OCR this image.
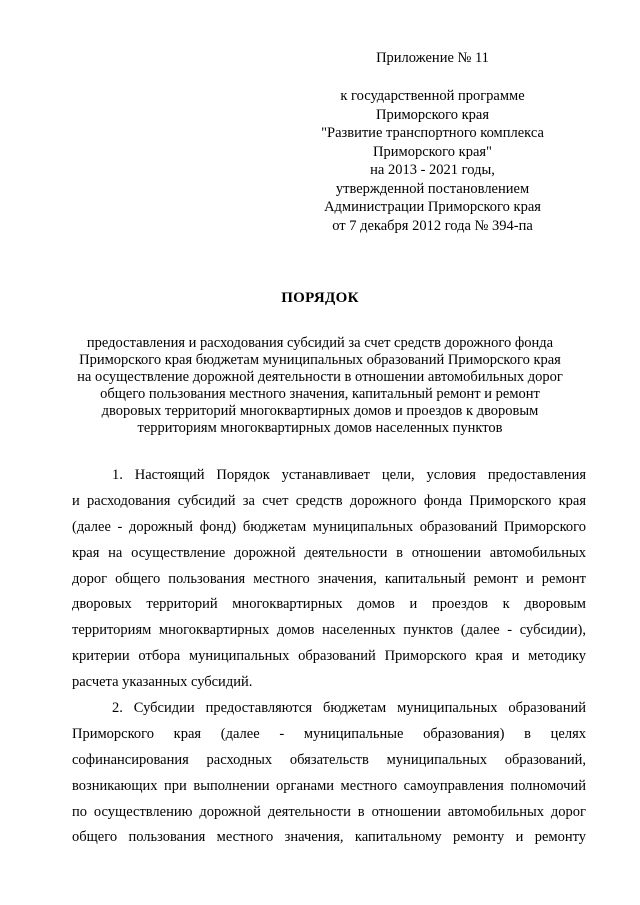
Приложение № 11
к государственной программе
Приморского края
"Развитие транспортного комплекса
Приморского края"
на 2013 - 2021 годы,
утвержденной постановлением
Администрации Приморского края
от 7 декабря 2012 года № 394-па
ПОРЯДОК
предоставления и расходования субсидий за счет средств дорожного фонда
Приморского края бюджетам муниципальных образований Приморского края
на осуществление дорожной деятельности в отношении автомобильных дорог
общего пользования местного значения, капитальный ремонт и ремонт
дворовых территорий многоквартирных домов и проездов к дворовым
территориям многоквартирных домов населенных пунктов
1. Настоящий Порядок устанавливает цели, условия предоставления
и расходования субсидий за счет средств дорожного фонда Приморского края
(далее - дорожный фонд) бюджетам муниципальных образований Приморского
края на осуществление дорожной деятельности в отношении автомобильных
дорог общего пользования местного значения, капитальный ремонт и ремонт
дворовых территорий многоквартирных домов и проездов к дворовым
территориям многоквартирных домов населенных пунктов (далее - субсидии),
критерии отбора муниципальных образований Приморского края и методику
расчета указанных субсидий.
2. Субсидии предоставляются бюджетам муниципальных образований
Приморского края (далее - муниципальные образования) в целях
софинансирования расходных обязательств муниципальных образований,
возникающих при выполнении органами местного самоуправления полномочий
по осуществлению дорожной деятельности в отношении автомобильных дорог
общего пользования местного значения, капитальному ремонту и ремонту
